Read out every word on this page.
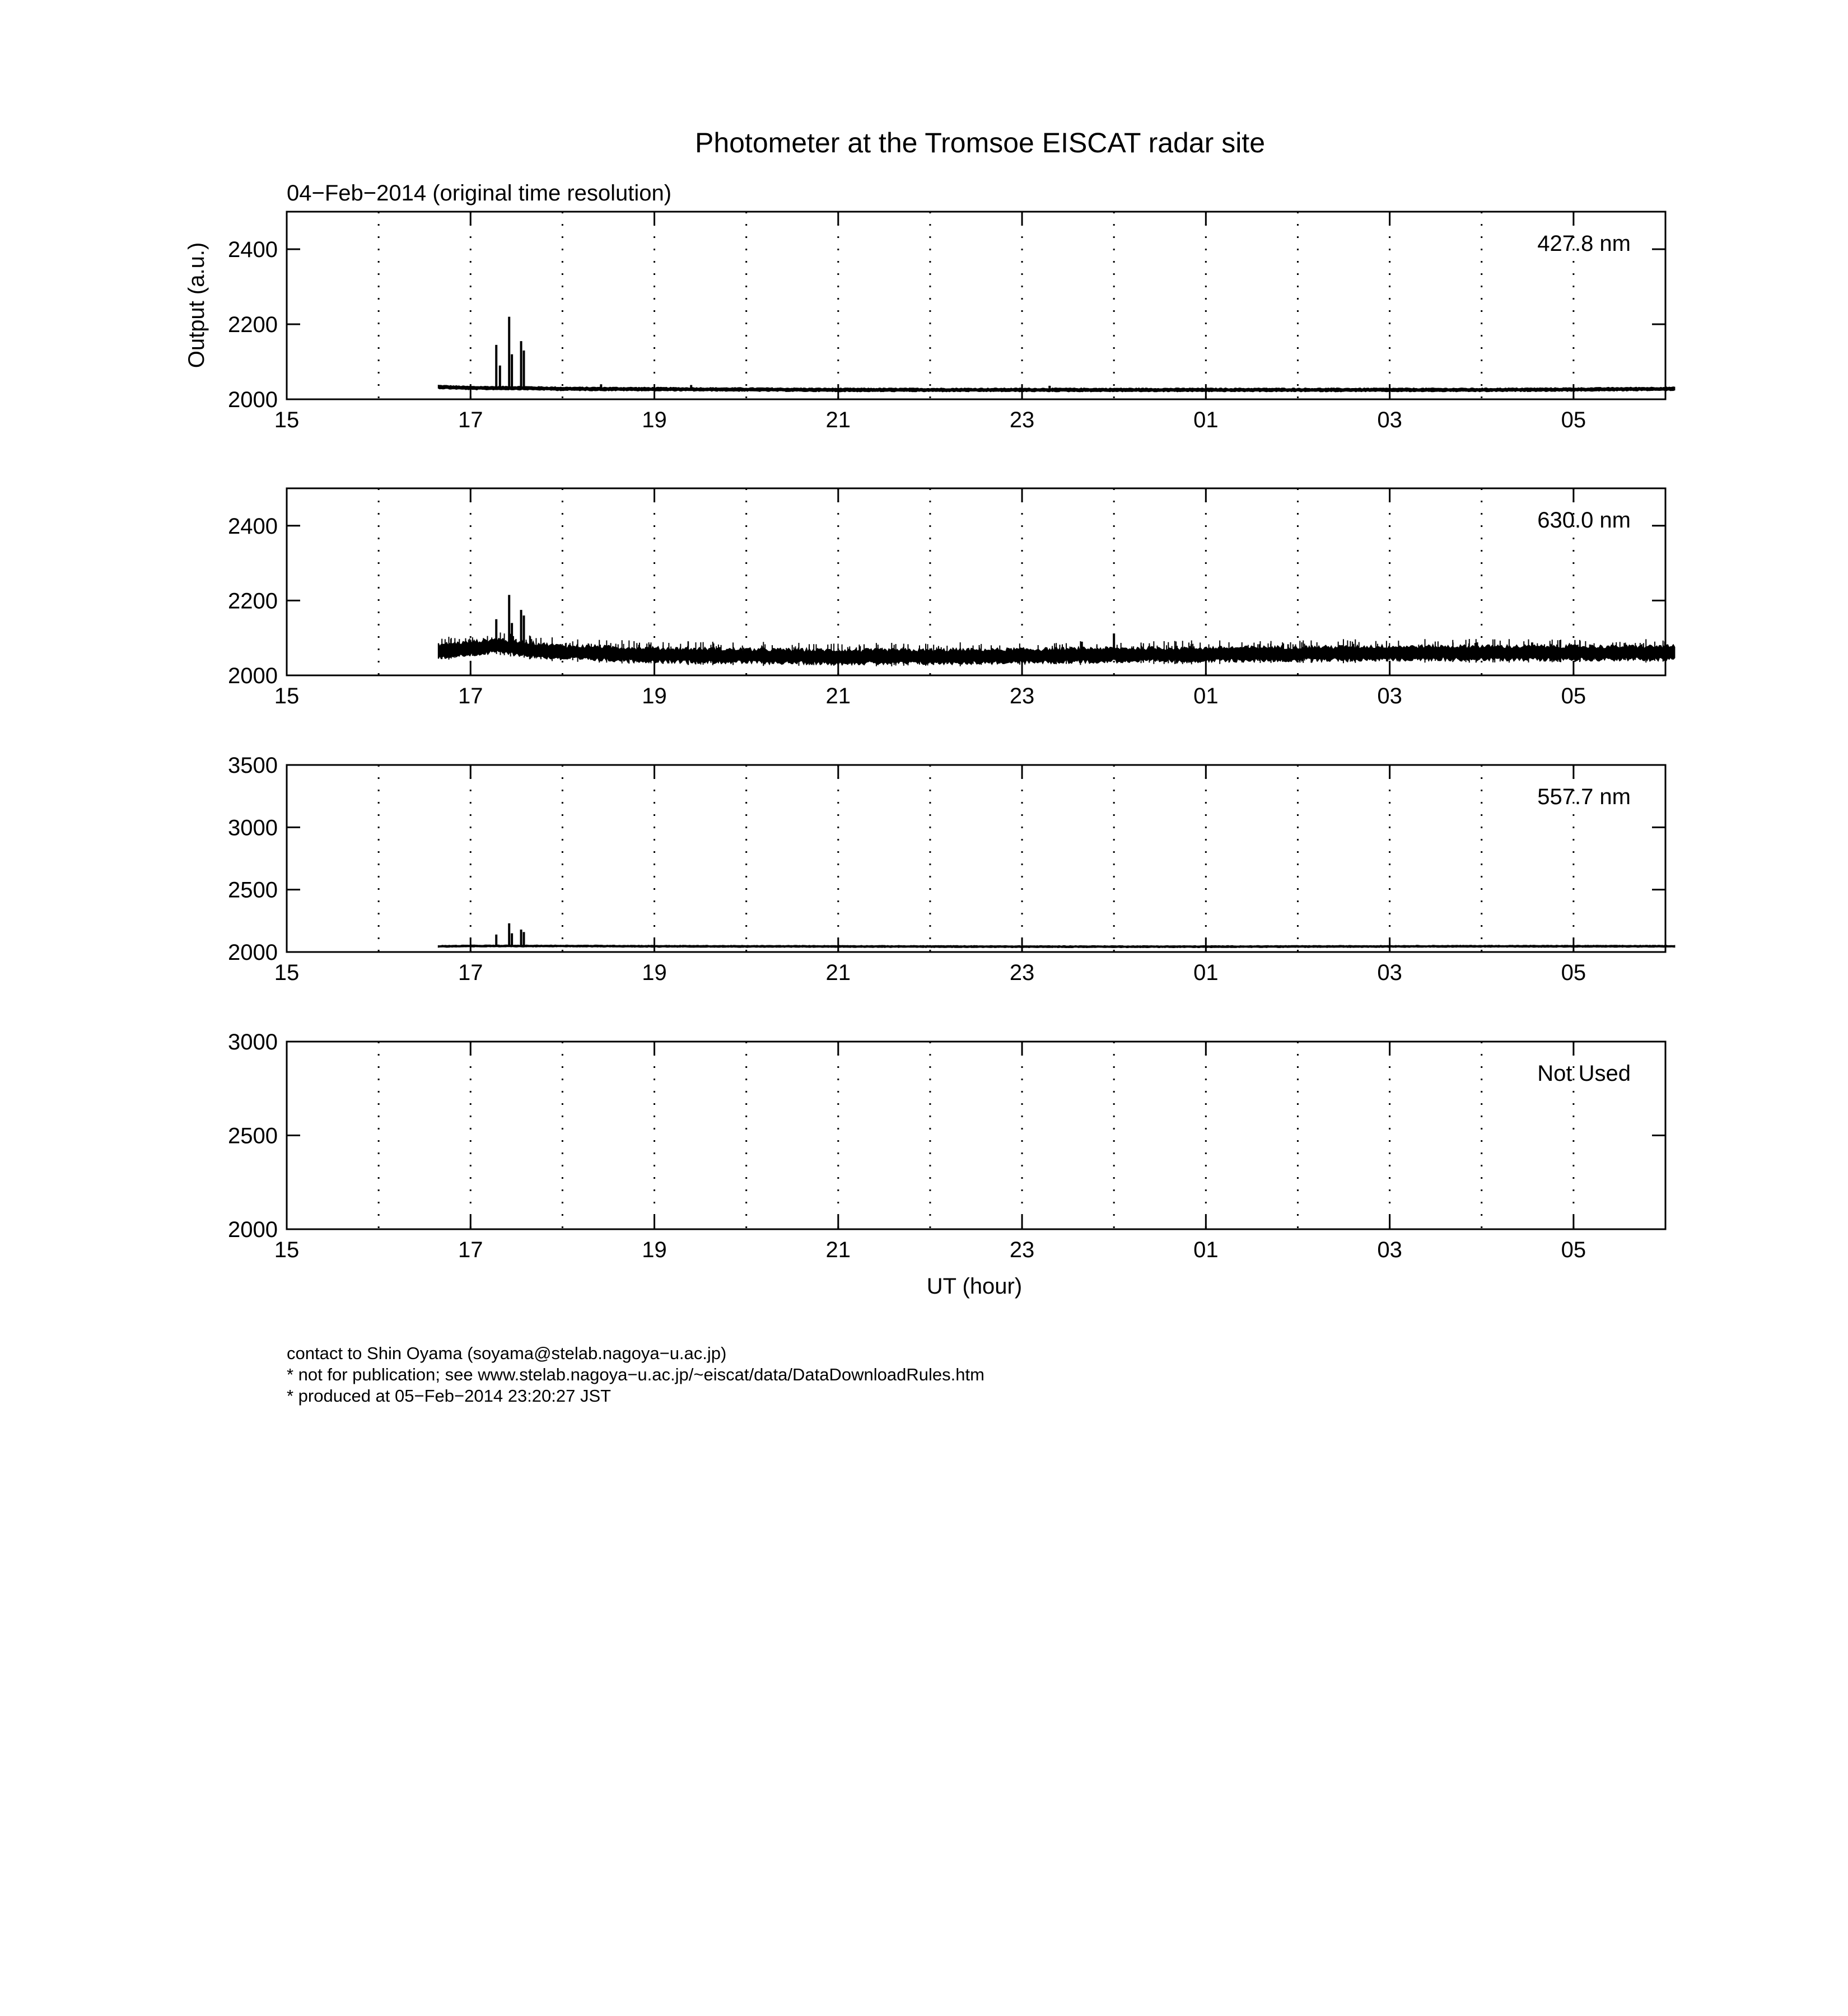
Photometer at the Tromsoe EISCAT radar site
04−Feb−2014 (original time resolution)
Output (a.u.)
UT (hour)
15	17	19	21	23	01	03	05
2000
2200
2400	427.8 nm
15	17	19	21	23	01	03	05
2000
2200
2400	630.0 nm
15	17	19	21	23	01	03	05
2000
2500
3000
3500
557.7 nm
15	17	19	21	23	01	03	05
2000
2500
3000
Not Used
contact to Shin Oyama (soyama@stelab.nagoya−u.ac.jp)
* not for publication; see www.stelab.nagoya−u.ac.jp/~eiscat/data/DataDownloadRules.htm
* produced at 05−Feb−2014 23:20:27 JST
